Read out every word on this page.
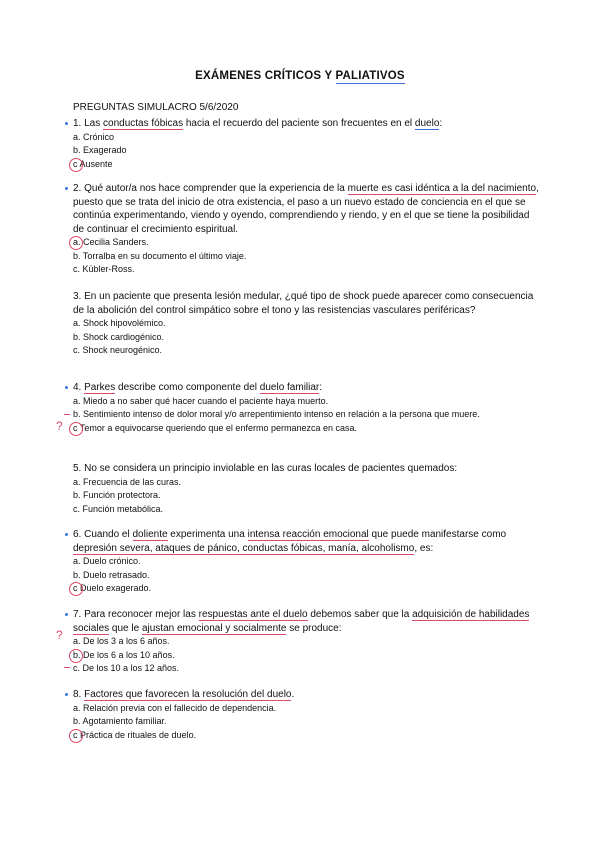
EXÁMENES CRÍTICOS Y PALIATIVOS
PREGUNTAS SIMULACRO 5/6/2020

1. Las conductas fóbicas hacia el recuerdo del paciente son frecuentes en el duelo:

a. Crónico

b. Exagerado

c Ausente

2. Qué autor/a nos hace comprender que la experiencia de la muerte es casi idéntica a la del nacimiento, puesto que se trata del inicio de otra existencia, el paso a un nuevo estado de conciencia en el que se continúa experimentando, viendo y oyendo, comprendiendo y riendo, y en el que se tiene la posibilidad de continuar el crecimiento espiritual.

a. Cecilia Sanders.

b. Torralba en su documento el último viaje.

c. Kübler-Ross.

3. En un paciente que presenta lesión medular, ¿qué tipo de shock puede aparecer como consecuencia de la abolición del control simpático sobre el tono y las resistencias vasculares periféricas?

a. Shock hipovolémico.

b. Shock cardiogénico.

c. Shock neurogénico.

4. Parkes describe como componente del duelo familiar:

a. Miedo a no saber qué hacer cuando el paciente haya muerto.

b. Sentimiento intenso de dolor moral y/o arrepentimiento intenso en relación a la persona que muere.

c Temor a equivocarse queriendo que el enfermo permanezca en casa.

?

5. No se considera un principio inviolable en las curas locales de pacientes quemados:

a. Frecuencia de las curas.

b. Función protectora.

c. Función metabólica.

6. Cuando el doliente experimenta una intensa reacción emocional que puede manifestarse como depresión severa, ataques de pánico, conductas fóbicas, manía, alcoholismo, es:

a. Duelo crónico.

b. Duelo retrasado.

c Duelo exagerado.

7. Para reconocer mejor las respuestas ante el duelo debemos saber que la adquisición de habilidades sociales que le ajustan emocional y socialmente se produce:

a. De los 3 a los 6 años.

b. De los 6 a los 10 años.

c. De los 10 a los 12 años.

?

8. Factores que favorecen la resolución del duelo.

a. Relación previa con el fallecido de dependencia.

b. Agotamiento familiar.

c Práctica de rituales de duelo.
